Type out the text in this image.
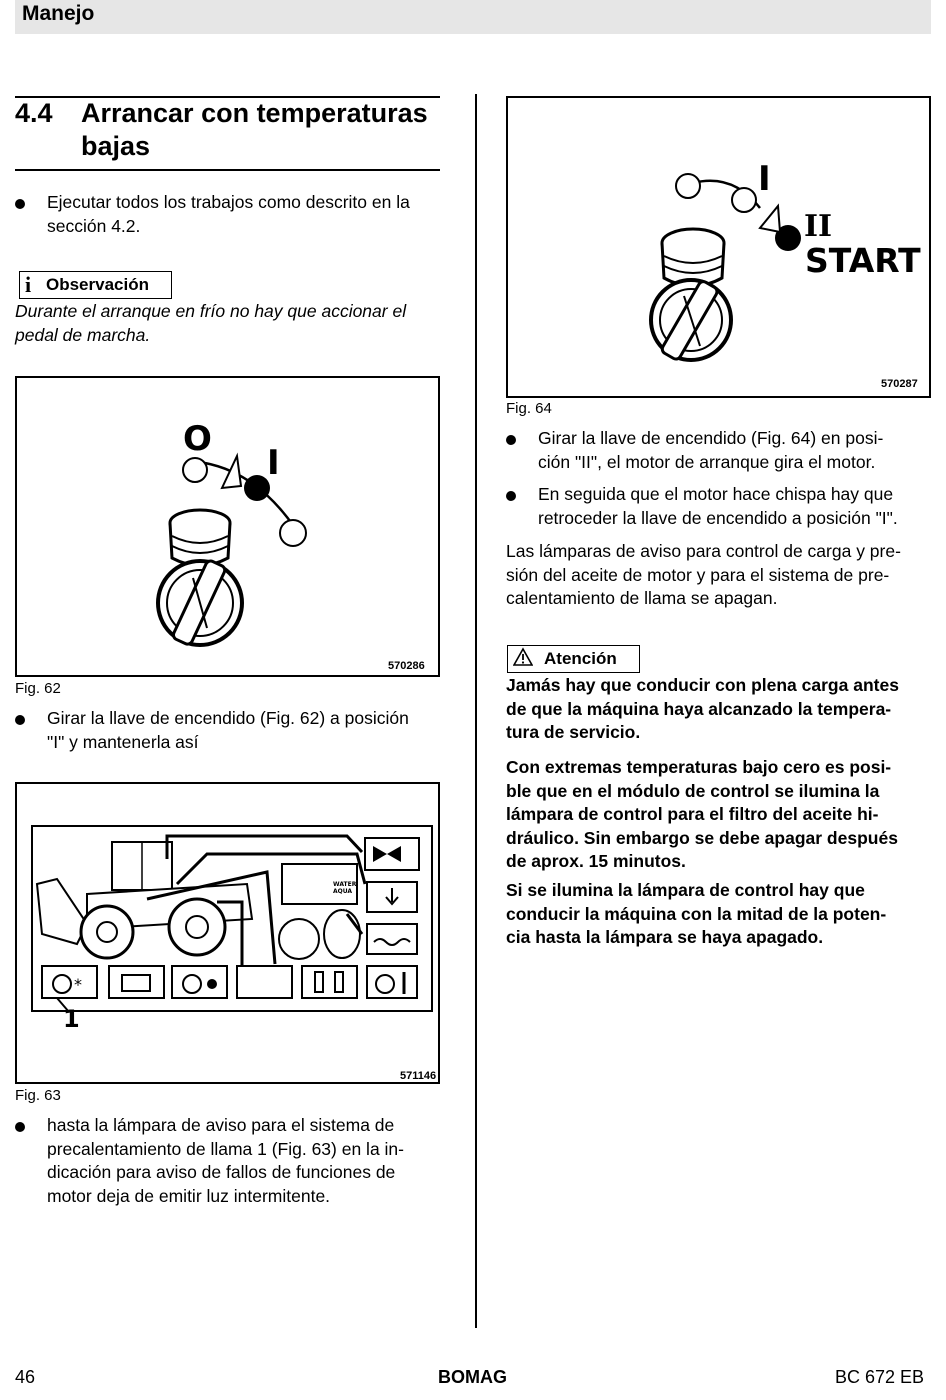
Manejo
4.4 Arrancar con temperaturas bajas
Ejecutar todos los trabajos como descrito en la
sección 4.2.
i Observación
Durante el arranque en frío no hay que accionar el
pedal de marcha.
O
I
570286
Fig. 62
Girar la llave de encendido (Fig. 62) a posición
"I" y mantenerla así
WATER
AQUA
*
1
571146
Fig. 63
hasta la lámpara de aviso para el sistema de
precalentamiento de llama 1 (Fig. 63) en la in-
dicación para aviso de fallos de funciones de
motor deja de emitir luz intermitente.
I
II
START
570287
Fig. 64
Girar la llave de encendido (Fig. 64) en posi-
ción "II", el motor de arranque gira el motor.
En seguida que el motor hace chispa hay que
retroceder la llave de encendido a posición "I".
Las lámparas de aviso para control de carga y pre-
sión del aceite de motor y para el sistema de pre-
calentamiento de llama se apagan.
Atención
Jamás hay que conducir con plena carga antes
de que la máquina haya alcanzado la tempera-
tura de servicio.
Con extremas temperaturas bajo cero es posi-
ble que en el módulo de control se ilumina la
lámpara de control para el filtro del aceite hi-
dráulico. Sin embargo se debe apagar después
de aprox. 15 minutos.
Si se ilumina la lámpara de control hay que
conducir la máquina con la mitad de la poten-
cia hasta la lámpara se haya apagado.
46	BOMAG	BC 672 EB
